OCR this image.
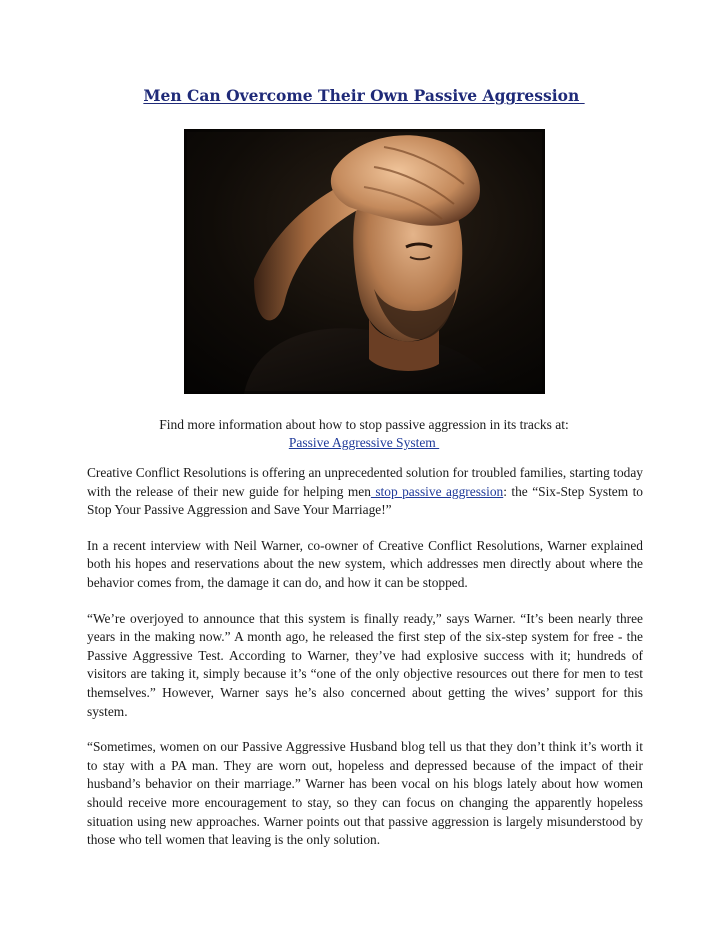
Men Can Overcome Their Own Passive Aggression
Find more information about how to stop passive aggression in its tracks at:
Passive Aggressive System

Creative Conflict Resolutions is offering an unprecedented solution for troubled families, starting today with the release of their new guide for helping men stop passive aggression: the “Six-Step System to Stop Your Passive Aggression and Save Your Marriage!”

In a recent interview with Neil Warner, co-owner of Creative Conflict Resolutions, Warner explained both his hopes and reservations about the new system, which addresses men directly about where the behavior comes from, the damage it can do, and how it can be stopped.

“We’re overjoyed to announce that this system is finally ready,” says Warner. “It’s been nearly three years in the making now.” A month ago, he released the first step of the six-step system for free - the Passive Aggressive Test. According to Warner, they’ve had explosive success with it; hundreds of visitors are taking it, simply because it’s “one of the only objective resources out there for men to test themselves.” However, Warner says he’s also concerned about getting the wives’ support for this system.

“Sometimes, women on our Passive Aggressive Husband blog tell us that they don’t think it’s worth it to stay with a PA man. They are worn out, hopeless and depressed because of the impact of their husband’s behavior on their marriage.” Warner has been vocal on his blogs lately about how women should receive more encouragement to stay, so they can focus on changing the apparently hopeless situation using new approaches. Warner points out that passive aggression is largely misunderstood by those who tell women that leaving is the only solution.
